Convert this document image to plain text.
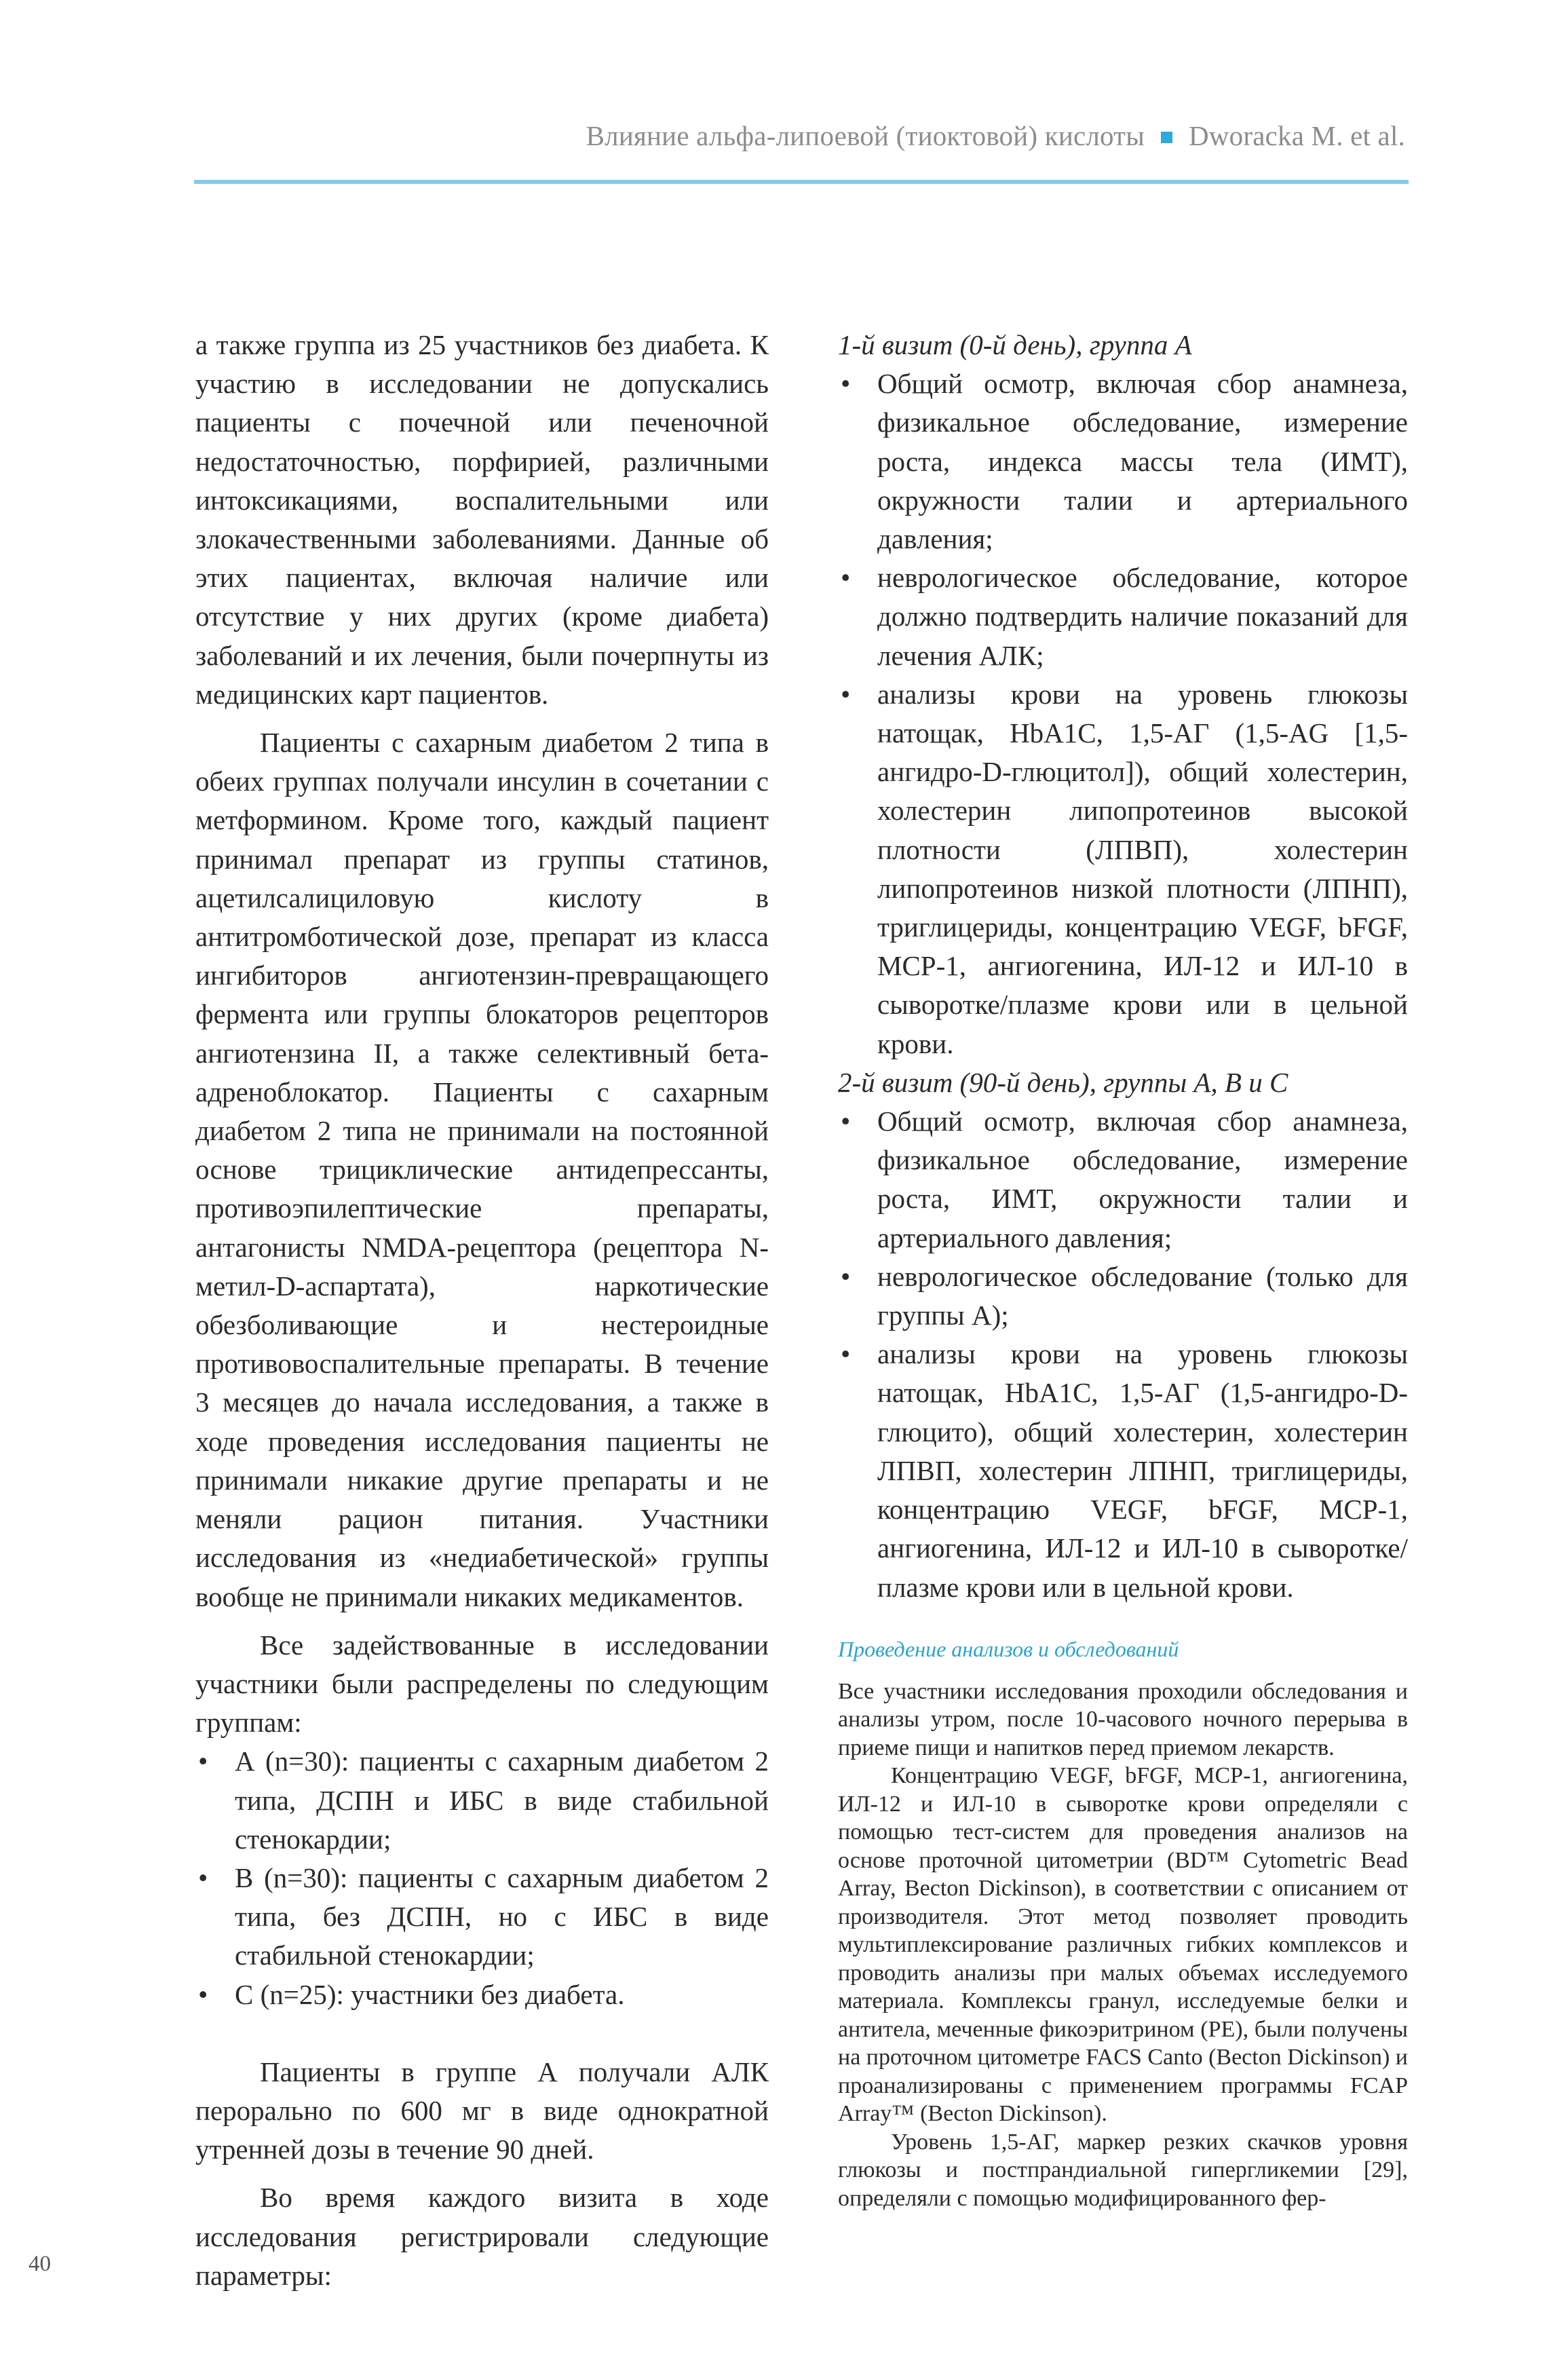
Влияние альфа-липоевой (тиоктовой) кислоты Dworacka M. et al.

а также группа из 25 участников без диабета. К участию в исследовании не допускались пациенты с почечной или печеночной недостаточностью, порфирией, различными интоксикациями, воспалительными или злокачественными заболеваниями. Данные об этих пациентах, включая наличие или отсутствие у них других (кроме диабета) заболеваний и их лечения, были почерпнуты из медицинских карт пациентов.

Пациенты с сахарным диабетом 2 типа в обеих группах получали инсулин в сочетании с метформином. Кроме того, каждый пациент принимал препарат из группы статинов, ацетилсалициловую кислоту в антитромботической дозе, препарат из класса ингибиторов ангиотензин-превращающего фермента или группы блокаторов рецепторов ангиотензина II, а также селективный бета-адреноблокатор. Пациенты с сахарным диабетом 2 типа не принимали на постоянной основе трициклические антидепрессанты, противоэпилептические препараты, антагонисты NMDA-рецептора (рецептора N-метил-D-аспартата), наркотические обезболивающие и нестероидные противовоспалительные препараты. В течение 3 месяцев до начала исследования, а также в ходе проведения исследования пациенты не принимали никакие другие препараты и не меняли рацион питания. Участники исследования из «недиабетической» группы вообще не принимали никаких медикаментов.

Все задействованные в исследовании участники были распределены по следующим группам:

• А (n=30): пациенты с сахарным диабетом 2 типа, ДСПН и ИБС в виде стабильной стенокардии;
• B (n=30): пациенты с сахарным диабетом 2 типа, без ДСПН, но с ИБС в виде стабильной стенокардии;
• C (n=25): участники без диабета.

Пациенты в группе А получали АЛК перорально по 600 мг в виде однократной утренней дозы в течение 90 дней.

Во время каждого визита в ходе исследования регистрировали следующие параметры:

1-й визит (0-й день), группа А

• Общий осмотр, включая сбор анамнеза, физикальное обследование, измерение роста, индекса массы тела (ИМТ), окружности талии и артериального давления;
• неврологическое обследование, которое должно подтвердить наличие показаний для лечения АЛК;
• анализы крови на уровень глюкозы натощак, HbA1C, 1,5-АГ (1,5-AG [1,5-ангидро-D-глюцитол]), общий холестерин, холестерин липопротеинов высокой плотности (ЛПВП), холестерин липопротеинов низкой плотности (ЛПНП), триглицериды, концентрацию VEGF, bFGF, MCP-1, ангиогенина, ИЛ-12 и ИЛ-10 в сыворотке/плазме крови или в цельной крови.

2-й визит (90-й день), группы A, B и C

• Общий осмотр, включая сбор анамнеза, физикальное обследование, измерение роста, ИМТ, окружности талии и артериального давления;
• неврологическое обследование (только для группы А);
• анализы крови на уровень глюкозы натощак, HbA1C, 1,5-АГ (1,5-ангидро-D-глюцито), общий холестерин, холестерин ЛПВП, холестерин ЛПНП, триглицериды, концентрацию VEGF, bFGF, MCP-1, ангиогенина, ИЛ-12 и ИЛ-10 в сыворотке/плазме крови или в цельной крови.
Проведение анализов и обследований

Все участники исследования проходили обследования и анализы утром, после 10-часового ночного перерыва в приеме пищи и напитков перед приемом лекарств.

Концентрацию VEGF, bFGF, MCP-1, ангиогенина, ИЛ-12 и ИЛ-10 в сыворотке крови определяли с помощью тест-систем для проведения анализов на основе проточной цитометрии (BD™ Cytometric Bead Array, Becton Dickinson), в соответствии с описанием от производителя. Этот метод позволяет проводить мультиплексирование различных гибких комплексов и проводить анализы при малых объемах исследуемого материала. Комплексы гранул, исследуемые белки и антитела, меченные фикоэритрином (PE), были получены на проточном цитометре FACS Canto (Becton Dickinson) и проанализированы с применением программы FCAP Array™ (Becton Dickinson).

Уровень 1,5-АГ, маркер резких скачков уровня глюкозы и постпрандиальной гипергликемии [29], определяли с помощью модифицированного фер-

40
